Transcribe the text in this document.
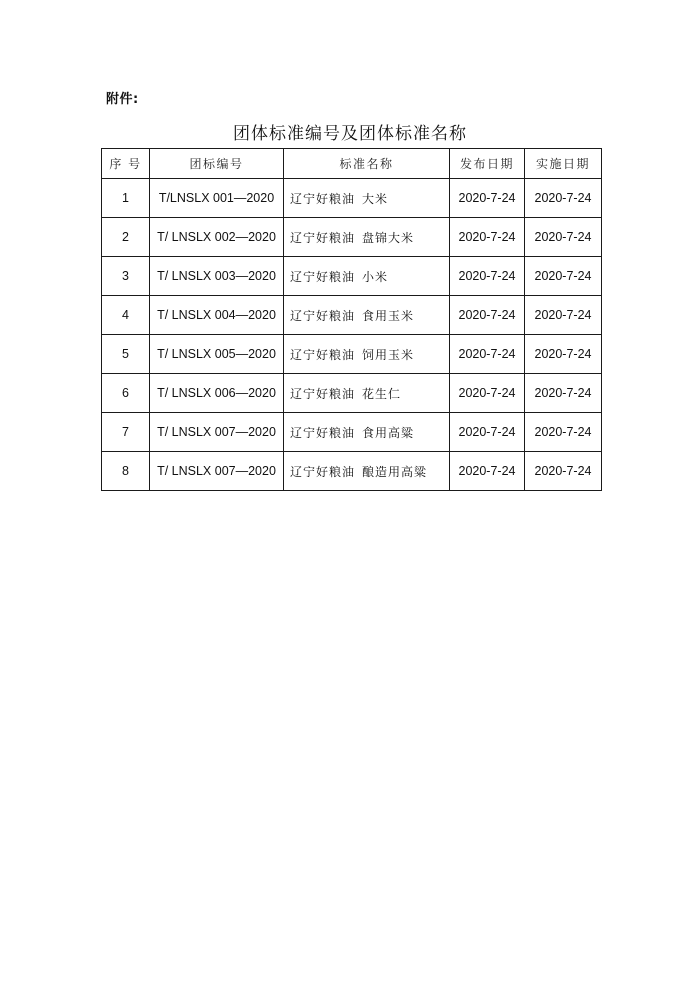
附件:
团体标准编号及团体标准名称
序 号	团标编号	标准名称	发布日期	实施日期
1	T/LNSLX 001—2020	辽宁好粮油 大米	2020-7-24	2020-7-24
2	T/ LNSLX 002—2020	辽宁好粮油 盘锦大米	2020-7-24	2020-7-24
3	T/ LNSLX 003—2020	辽宁好粮油 小米	2020-7-24	2020-7-24
4	T/ LNSLX 004—2020	辽宁好粮油 食用玉米	2020-7-24	2020-7-24
5	T/ LNSLX 005—2020	辽宁好粮油 饲用玉米	2020-7-24	2020-7-24
6	T/ LNSLX 006—2020	辽宁好粮油 花生仁	2020-7-24	2020-7-24
7	T/ LNSLX 007—2020	辽宁好粮油 食用高粱	2020-7-24	2020-7-24
8	T/ LNSLX 007—2020	辽宁好粮油 酿造用高粱	2020-7-24	2020-7-24
